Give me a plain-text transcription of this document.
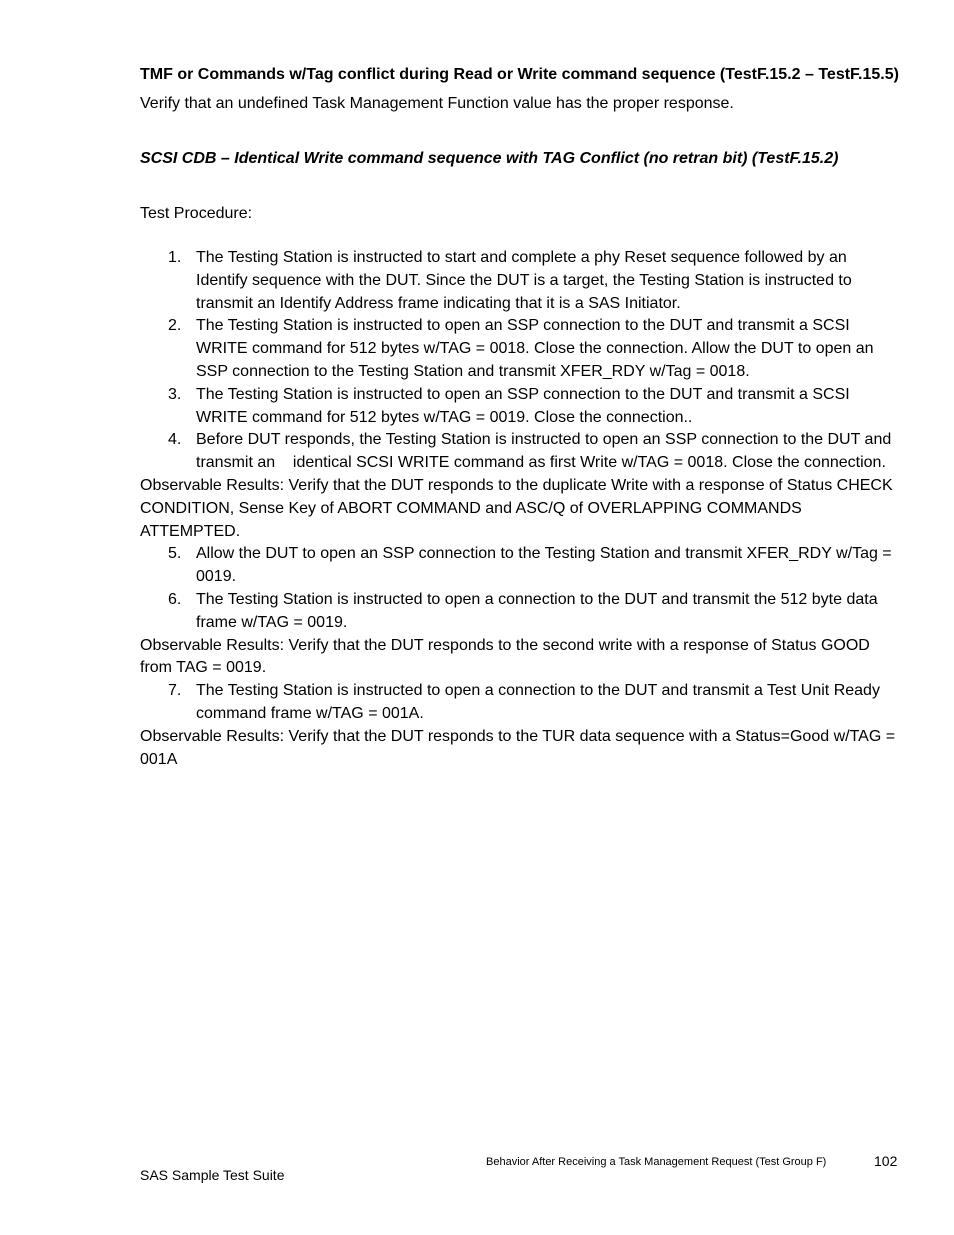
TMF or Commands w/Tag conflict during Read or Write command sequence (TestF.15.2 – TestF.15.5)
Verify that an undefined Task Management Function value has the proper response.
SCSI CDB – Identical Write command sequence with TAG Conflict (no retran bit) (TestF.15.2)
Test Procedure:
1. The Testing Station is instructed to start and complete a phy Reset sequence followed by an Identify sequence with the DUT. Since the DUT is a target, the Testing Station is instructed to transmit an Identify Address frame indicating that it is a SAS Initiator.
2. The Testing Station is instructed to open an SSP connection to the DUT and transmit a SCSI WRITE command for 512 bytes w/TAG = 0018. Close the connection. Allow the DUT to open an SSP connection to the Testing Station and transmit XFER_RDY w/Tag = 0018.
3. The Testing Station is instructed to open an SSP connection to the DUT and transmit a SCSI WRITE command for 512 bytes w/TAG = 0019. Close the connection..
4. Before DUT responds, the Testing Station is instructed to open an SSP connection to the DUT and transmit an    identical SCSI WRITE command as first Write w/TAG = 0018. Close the connection.

Observable Results: Verify that the DUT responds to the duplicate Write with a response of Status CHECK CONDITION, Sense Key of ABORT COMMAND and ASC/Q of OVERLAPPING COMMANDS ATTEMPTED.

5. Allow the DUT to open an SSP connection to the Testing Station and transmit XFER_RDY w/Tag = 0019.
6. The Testing Station is instructed to open a connection to the DUT and transmit the 512 byte data frame w/TAG = 0019.

Observable Results: Verify that the DUT responds to the second write with a response of Status GOOD from TAG = 0019.

7. The Testing Station is instructed to open a connection to the DUT and transmit a Test Unit Ready command frame w/TAG = 001A.

Observable Results: Verify that the DUT responds to the TUR data sequence with a Status=Good w/TAG = 001A

Behavior After Receiving a Task Management Request (Test Group F)	102
SAS Sample Test Suite
